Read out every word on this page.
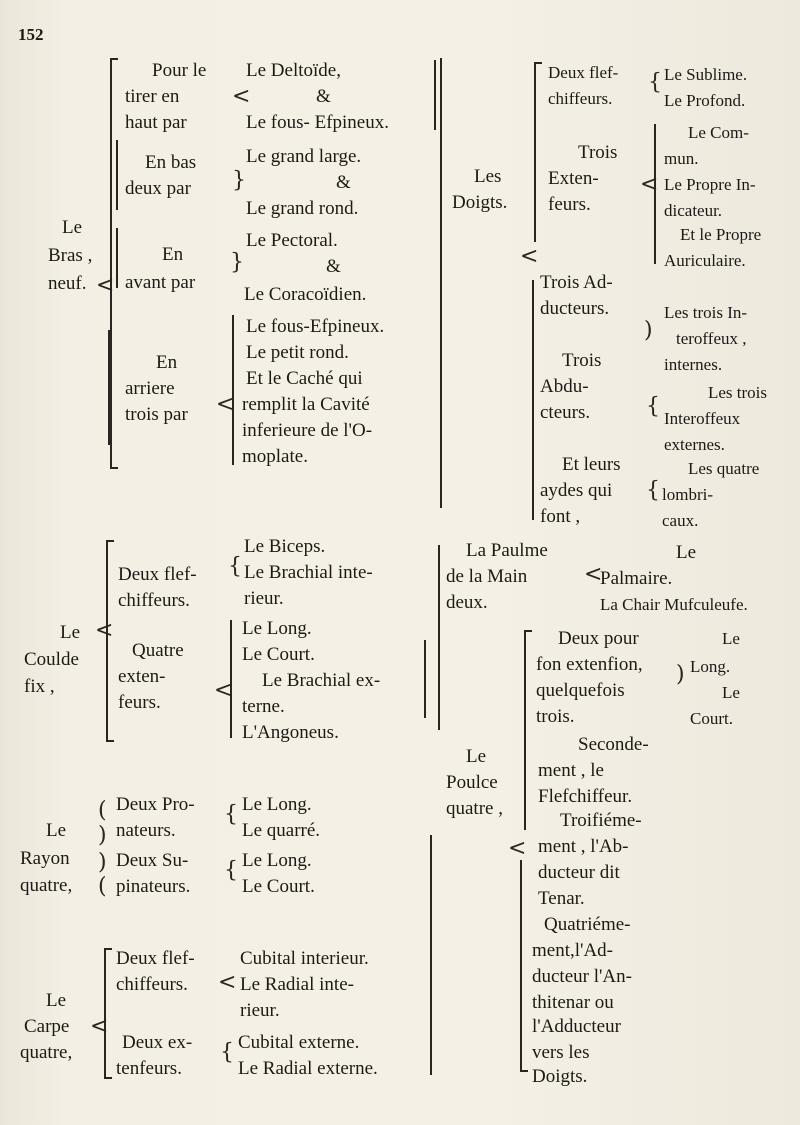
152
Le
Bras ,
neuf. <
Pour le
tirer en
haut par
<
Le Deltoïde,
&
Le fous- Efpineux.
En bas
deux par }
Le grand large.
&
Le grand rond.
En
avant par
}
Le Pectoral.
&
Le Coracoïdien.
En
arriere
trois par <
Le fous-Efpineux.
Le petit rond.
Et le Caché qui
remplit la Cavité
inferieure de l'O-
moplate.
Le
Coulde
fix ,
<
Deux flef-
chiffeurs.
{
Le Biceps.
Le Brachial inte-
rieur.
Quatre
exten-
feurs. <
Le Long.
Le Court.
Le Brachial ex-
terne.
L'Angoneus.
Le
Rayon
quatre,
(
)
)
(
Deux Pro-
nateurs.
{ Le Long.
Le quarré.
Deux Su-
pinateurs.
{ Le Long.
Le Court.
Le
Carpe
quatre,
<
Deux flef-
chiffeurs. <
Cubital interieur.
Le Radial inte-
rieur.
Deux ex-
tenfeurs.
{ Cubital externe.
Le Radial externe.
Les
Doigts.
<
Deux flef-
chiffeurs.
{ Le Sublime.
Le Profond.
Trois
Exten-
feurs.
<
Le Com-
mun.
Le Propre In-
dicateur.
Et le Propre
Auriculaire.
Trois Ad-
ducteurs.
)
Les trois In-
teroffeux ,
internes.
Trois
Abdu-
cteurs.	{
Les trois
Interoffeux
externes.
Et leurs
aydes qui
font ,
{
Les quatre
lombri-
caux.
La Paulme
de la Main
deux.
<
Le
Palmaire.
La Chair Mufculeufe.
Le
Poulce
quatre ,
<
Deux pour
fon extenfion,
quelquefois
trois.
)
Le
Long.
Le
Court.
Seconde-
ment , le
Flefchiffeur.
Troifiéme-
ment , l'Ab-
ducteur dit
Tenar.
Quatriéme-
ment,l'Ad-
ducteur l'An-
thitenar ou
l'Adducteur
vers les
Doigts.
